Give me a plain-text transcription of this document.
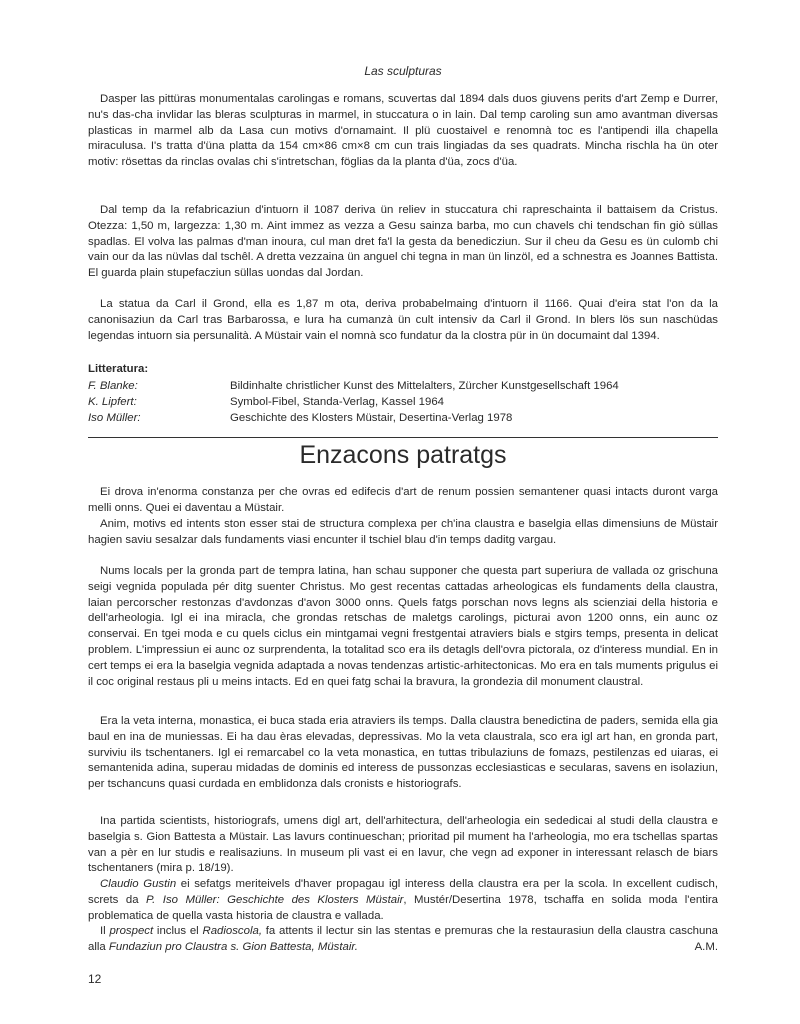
Las sculpturas

Dasper las pittüras monumentalas carolingas e romans, scuvertas dal 1894 dals duos giuvens perits d'art Zemp e Durrer, nu's das-cha invlidar las bleras sculpturas in marmel, in stuccatura o in lain. Dal temp caroling sun amo avantman diversas plasticas in marmel alb da Lasa cun motivs d'ornamaint. Il plü cuostaivel e renomnà toc es l'antipendi illa chapella miraculusa. I's tratta d'üna platta da 154 cm×86 cm×8 cm cun trais lingiadas da ses quadrats. Mincha rischla ha ün oter motiv: rösettas da rinclas ovalas chi s'intretschan, föglias da la planta d'üa, zocs d'üa.

Dal temp da la refabricaziun d'intuorn il 1087 deriva ün reliev in stuccatura chi rapreschainta il battaisem da Cristus. Otezza: 1,50 m, largezza: 1,30 m. Aint immez as vezza a Gesu sainza barba, mo cun chavels chi tendschan fin giò süllas spadlas. El volva las palmas d'man inoura, cul man dret fa'l la gesta da benedicziun. Sur il cheu da Gesu es ün culomb chi vain our da las nüvlas dal tschêl. A dretta vezzaina ün anguel chi tegna in man ün linzöl, ed a schnestra es Joannes Battista. El guarda plain stupefacziun süllas uondas dal Jordan.

La statua da Carl il Grond, ella es 1,87 m ota, deriva probabelmaing d'intuorn il 1166. Quai d'eira stat l'on da la canonisaziun da Carl tras Barbarossa, e lura ha cumanzà ün cult intensiv da Carl il Grond. In blers lös sun naschüdas legendas intuorn sia persunalità. A Müstair vain el nomnà sco fundatur da la clostra pür in ün documaint dal 1394.

Litteratura:
F. Blanke:	Bildinhalte christlicher Kunst des Mittelalters, Zürcher Kunstgesellschaft 1964
K. Lipfert:	Symbol-Fibel, Standa-Verlag, Kassel 1964
Iso Müller:	Geschichte des Klosters Müstair, Desertina-Verlag 1978
Enzacons patratgs

Ei drova in'enorma constanza per che ovras ed edifecis d'art de renum possien semantener quasi intacts duront varga melli onns. Quei ei daventau a Müstair.

Anim, motivs ed intents ston esser stai de structura complexa per ch'ina claustra e baselgia ellas dimensiuns de Müstair hagien saviu sesalzar dals fundaments viasi encunter il tschiel blau d'in temps daditg vargau.

Nums locals per la gronda part de tempra latina, han schau supponer che questa part superiura de vallada oz grischuna seigi vegnida populada pér ditg suenter Christus. Mo gest recentas cattadas arheologicas els fundaments della claustra, laian percorscher restonzas d'avdonzas d'avon 3000 onns. Quels fatgs porschan novs legns als scienziai della historia e dell'arheologia. Igl ei ina miracla, che grondas retschas de maletgs carolings, picturai avon 1200 onns, ein aunc oz conservai. En tgei moda e cu quels ciclus ein mintgamai vegni frestgentai atraviers bials e stgirs temps, presenta in delicat problem. L'impressiun ei aunc oz surprendenta, la totalitad sco era ils detagls dell'ovra pictorala, oz d'interess mundial. En in cert temps ei era la baselgia vegnida adaptada a novas tendenzas artistic-arhitectonicas. Mo era en tals muments prigulus ei il coc original restaus pli u meins intacts. Ed en quei fatg schai la bravura, la grondezia dil monument claustral.

Era la veta interna, monastica, ei buca stada eria atraviers ils temps. Dalla claustra benedictina de paders, semida ella gia baul en ina de muniessas. Ei ha dau èras elevadas, depressivas. Mo la veta claustrala, sco era igl art han, en gronda part, surviviu ils tschentaners. Igl ei remarcabel co la veta monastica, en tuttas tribulaziuns de fomazs, pestilenzas ed uiaras, ei semantenida adina, superau midadas de dominis ed interess de pussonzas ecclesiasticas e secularas, savens en isolaziun, per tschancuns quasi curdada en emblidonza dals cronists e historiografs.

Ina partida scientists, historiografs, umens digl art, dell'arhitectura, dell'arheologia ein sededicai al studi della claustra e baselgia s. Gion Battesta a Müstair. Las lavurs continueschan; prioritad pil mument ha l'arheologia, mo era tschellas spartas van a pèr en lur studis e realisaziuns. In museum pli vast ei en lavur, che vegn ad exponer in interessant relasch de biars tschentaners (mira p. 18/19).

Claudio Gustin ei sefatgs meriteivels d'haver propagau igl interess della claustra era per la scola. In excellent cudisch, screts da P. Iso Müller: Geschichte des Klosters Müstair, Mustér/Desertina 1978, tschaffa en solida moda l'entira problematica de quella vasta historia de claustra e vallada.

Il prospect inclus el Radioscola, fa attents il lectur sin las stentas e premuras che la restaurasiun della claustra caschuna alla Fundaziun pro Claustra s. Gion Battesta, Müstair.	A.M.

12
